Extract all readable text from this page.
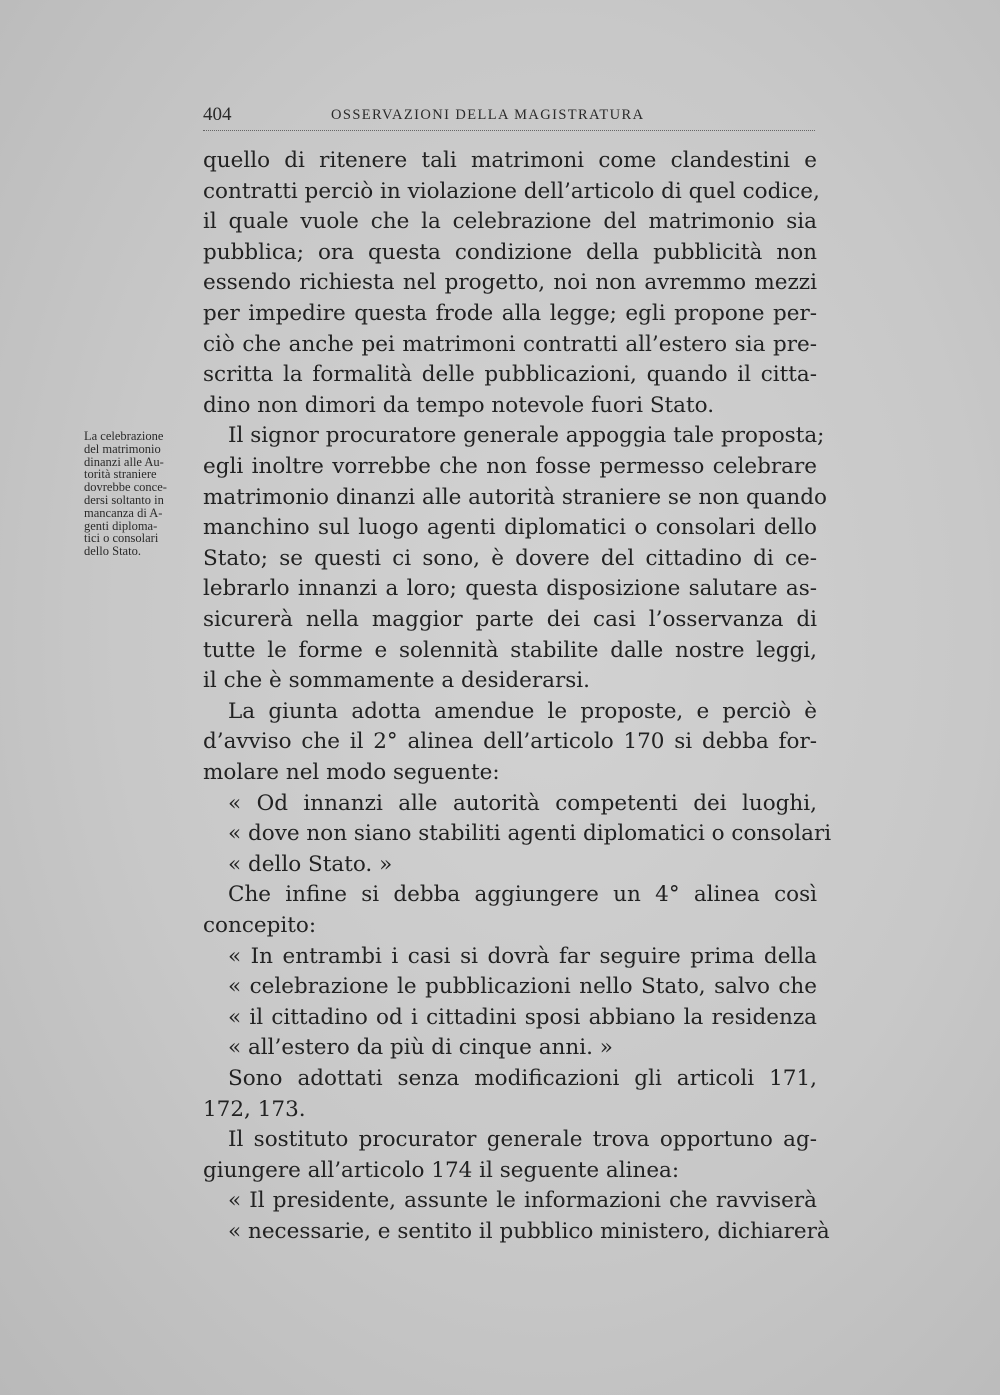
404	OSSERVAZIONI DELLA MAGISTRATURA
La celebrazione
del matrimonio
dinanzi alle Au-
torità straniere
dovrebbe conce-
dersi soltanto in
mancanza di A-
genti diploma-
tici o consolari
dello Stato.
quello di ritenere tali matrimoni come clandestini e
contratti perciò in violazione dell’articolo di quel codice,
il quale vuole che la celebrazione del matrimonio sia
pubblica; ora questa condizione della pubblicità non
essendo richiesta nel progetto, noi non avremmo mezzi
per impedire questa frode alla legge; egli propone per-
ciò che anche pei matrimoni contratti all’estero sia pre-
scritta la formalità delle pubblicazioni, quando il citta-
dino non dimori da tempo notevole fuori Stato.
Il signor procuratore generale appoggia tale proposta;
egli inoltre vorrebbe che non fosse permesso celebrare
matrimonio dinanzi alle autorità straniere se non quando
manchino sul luogo agenti diplomatici o consolari dello
Stato; se questi ci sono, è dovere del cittadino di ce-
lebrarlo innanzi a loro; questa disposizione salutare as-
sicurerà nella maggior parte dei casi l’osservanza di
tutte le forme e solennità stabilite dalle nostre leggi,
il che è sommamente a desiderarsi.
La giunta adotta amendue le proposte, e perciò è
d’avviso che il 2° alinea dell’articolo 170 si debba for-
molare nel modo seguente:
« Od innanzi alle autorità competenti dei luoghi,
« dove non siano stabiliti agenti diplomatici o consolari
« dello Stato. »
Che infine si debba aggiungere un 4° alinea così
concepito:
« In entrambi i casi si dovrà far seguire prima della
« celebrazione le pubblicazioni nello Stato, salvo che
« il cittadino od i cittadini sposi abbiano la residenza
« all’estero da più di cinque anni. »
Sono adottati senza modificazioni gli articoli 171,
172, 173.
Il sostituto procurator generale trova opportuno ag-
giungere all’articolo 174 il seguente alinea:
« Il presidente, assunte le informazioni che ravviserà
« necessarie, e sentito il pubblico ministero, dichiarerà
